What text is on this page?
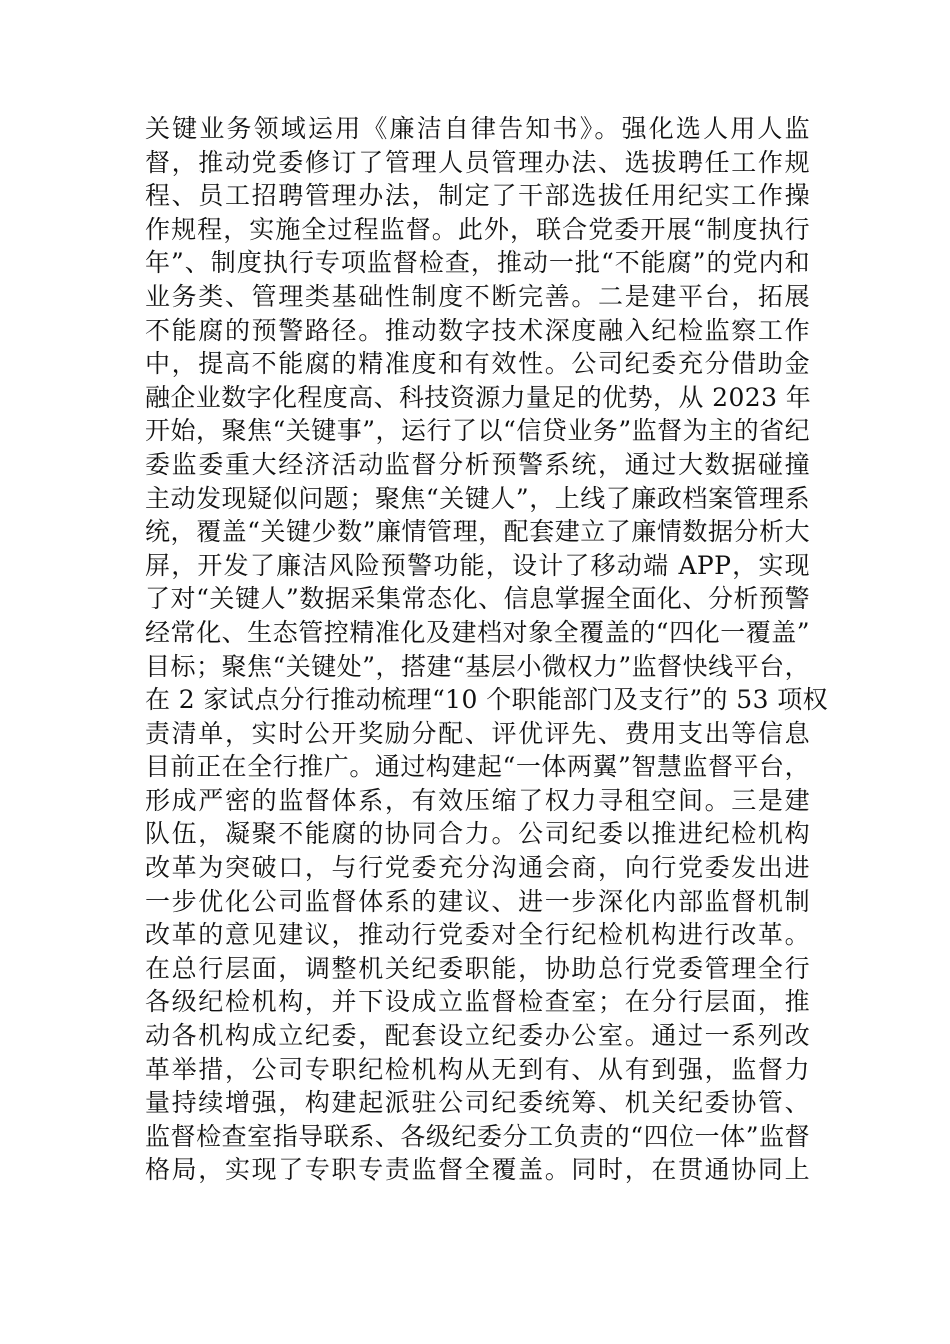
关键业务领域运用《廉洁自律告知书》。强化选人用人监
督，推动党委修订了管理人员管理办法、选拔聘任工作规
程、员工招聘管理办法，制定了干部选拔任用纪实工作操
作规程，实施全过程监督。此外，联合党委开展“制度执行
年”、制度执行专项监督检查，推动一批“不能腐”的党内和
业务类、管理类基础性制度不断完善。二是建平台，拓展
不能腐的预警路径。推动数字技术深度融入纪检监察工作
中，提高不能腐的精准度和有效性。公司纪委充分借助金
融企业数字化程度高、科技资源力量足的优势，从 2023 年
开始，聚焦“关键事”，运行了以“信贷业务”监督为主的省纪
委监委重大经济活动监督分析预警系统，通过大数据碰撞
主动发现疑似问题；聚焦“关键人”，上线了廉政档案管理系
统，覆盖“关键少数”廉情管理，配套建立了廉情数据分析大
屏，开发了廉洁风险预警功能，设计了移动端 APP，实现
了对“关键人”数据采集常态化、信息掌握全面化、分析预警
经常化、生态管控精准化及建档对象全覆盖的“四化一覆盖”
目标；聚焦“关键处”，搭建“基层小微权力”监督快线平台，
在 2 家试点分行推动梳理“10 个职能部门及支行”的 53 项权
责清单，实时公开奖励分配、评优评先、费用支出等信息
目前正在全行推广。通过构建起“一体两翼”智慧监督平台，
形成严密的监督体系，有效压缩了权力寻租空间。三是建
队伍，凝聚不能腐的协同合力。公司纪委以推进纪检机构
改革为突破口，与行党委充分沟通会商，向行党委发出进
一步优化公司监督体系的建议、进一步深化内部监督机制
改革的意见建议，推动行党委对全行纪检机构进行改革。
在总行层面，调整机关纪委职能，协助总行党委管理全行
各级纪检机构，并下设成立监督检查室；在分行层面，推
动各机构成立纪委，配套设立纪委办公室。通过一系列改
革举措，公司专职纪检机构从无到有、从有到强，监督力
量持续增强，构建起派驻公司纪委统筹、机关纪委协管、
监督检查室指导联系、各级纪委分工负责的“四位一体”监督
格局，实现了专职专责监督全覆盖。同时，在贯通协同上
